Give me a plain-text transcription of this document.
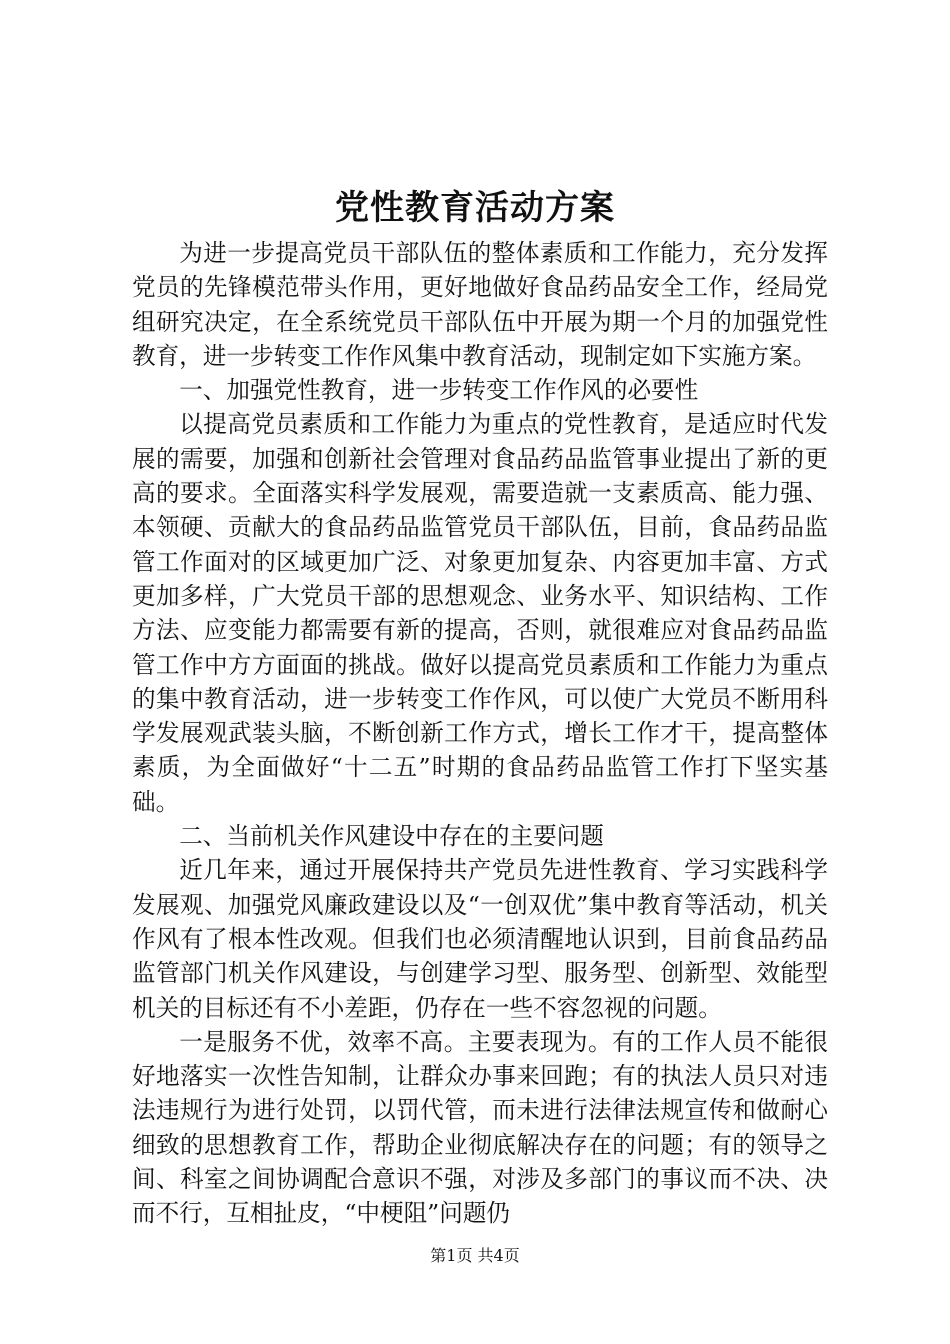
党性教育活动方案

为进一步提高党员干部队伍的整体素质和工作能力，充分发挥党员的先锋模范带头作用，更好地做好食品药品安全工作，经局党组研究决定，在全系统党员干部队伍中开展为期一个月的加强党性教育，进一步转变工作作风集中教育活动，现制定如下实施方案。

一、加强党性教育，进一步转变工作作风的必要性

以提高党员素质和工作能力为重点的党性教育，是适应时代发展的需要，加强和创新社会管理对食品药品监管事业提出了新的更高的要求。全面落实科学发展观，需要造就一支素质高、能力强、本领硬、贡献大的食品药品监管党员干部队伍，目前，食品药品监管工作面对的区域更加广泛、对象更加复杂、内容更加丰富、方式更加多样，广大党员干部的思想观念、业务水平、知识结构、工作方法、应变能力都需要有新的提高，否则，就很难应对食品药品监管工作中方方面面的挑战。做好以提高党员素质和工作能力为重点的集中教育活动，进一步转变工作作风，可以使广大党员不断用科学发展观武装头脑，不断创新工作方式，增长工作才干，提高整体素质，为全面做好“十二五”时期的食品药品监管工作打下坚实基础。

二、当前机关作风建设中存在的主要问题

近几年来，通过开展保持共产党员先进性教育、学习实践科学发展观、加强党风廉政建设以及“一创双优”集中教育等活动，机关作风有了根本性改观。但我们也必须清醒地认识到，目前食品药品监管部门机关作风建设，与创建学习型、服务型、创新型、效能型机关的目标还有不小差距，仍存在一些不容忽视的问题。

一是服务不优，效率不高。主要表现为。有的工作人员不能很好地落实一次性告知制，让群众办事来回跑；有的执法人员只对违法违规行为进行处罚，以罚代管，而未进行法律法规宣传和做耐心细致的思想教育工作，帮助企业彻底解决存在的问题；有的领导之间、科室之间协调配合意识不强，对涉及多部门的事议而不决、决而不行，互相扯皮，“中梗阻”问题仍

第1页 共4页
